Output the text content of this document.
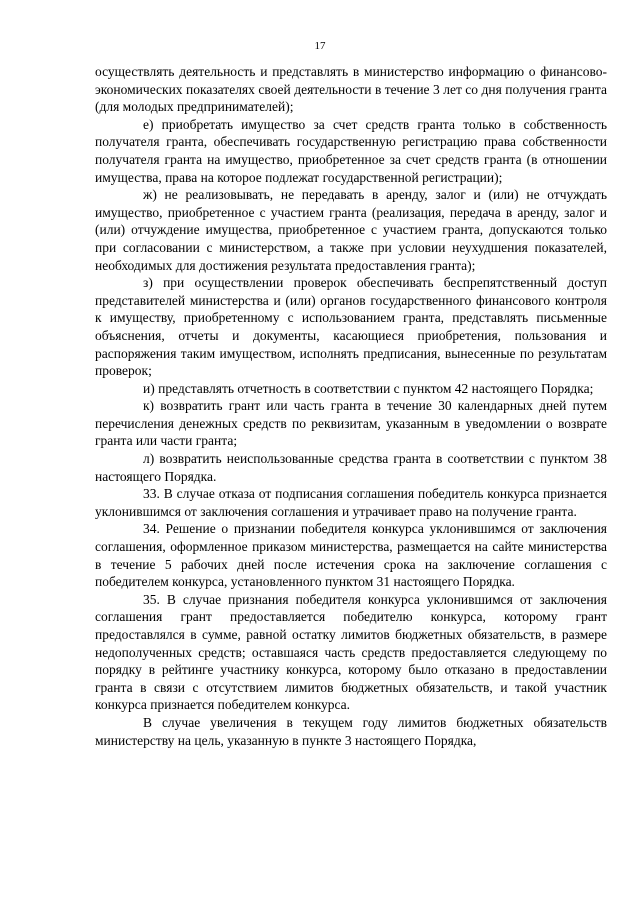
17

осуществлять деятельность и представлять в министерство информацию о финансово-экономических показателях своей деятельности в течение 3 лет со дня получения гранта (для молодых предпринимателей);

е) приобретать имущество за счет средств гранта только в собственность получателя гранта, обеспечивать государственную регистрацию права собственности получателя гранта на имущество, приобретенное за счет средств гранта (в отношении имущества, права на которое подлежат государственной регистрации);

ж) не реализовывать, не передавать в аренду, залог и (или) не отчуждать имущество, приобретенное с участием гранта (реализация, передача в аренду, залог и (или) отчуждение имущества, приобретенное с участием гранта, допускаются только при согласовании с министерством, а также при условии неухудшения показателей, необходимых для достижения результата предоставления гранта);

з) при осуществлении проверок обеспечивать беспрепятственный доступ представителей министерства и (или) органов государственного финансового контроля к имуществу, приобретенному с использованием гранта, представлять письменные объяснения, отчеты и документы, касающиеся приобретения, пользования и распоряжения таким имуществом, исполнять предписания, вынесенные по результатам проверок;

и) представлять отчетность в соответствии с пунктом 42 настоящего Порядка;

к) возвратить грант или часть гранта в течение 30 календарных дней путем перечисления денежных средств по реквизитам, указанным в уведомлении о возврате гранта или части гранта;

л) возвратить неиспользованные средства гранта в соответствии с пунктом 38 настоящего Порядка.

33. В случае отказа от подписания соглашения победитель конкурса признается уклонившимся от заключения соглашения и утрачивает право на получение гранта.

34. Решение о признании победителя конкурса уклонившимся от заключения соглашения, оформленное приказом министерства, размещается на сайте министерства в течение 5 рабочих дней после истечения срока на заключение соглашения с победителем конкурса, установленного пунктом 31 настоящего Порядка.

35. В случае признания победителя конкурса уклонившимся от заключения соглашения грант предоставляется победителю конкурса, которому грант предоставлялся в сумме, равной остатку лимитов бюджетных обязательств, в размере недополученных средств; оставшаяся часть средств предоставляется следующему по порядку в рейтинге участнику конкурса, которому было отказано в предоставлении гранта в связи с отсутствием лимитов бюджетных обязательств, и такой участник конкурса признается победителем конкурса.

В случае увеличения в текущем году лимитов бюджетных обязательств министерству на цель, указанную в пункте 3 настоящего Порядка,
